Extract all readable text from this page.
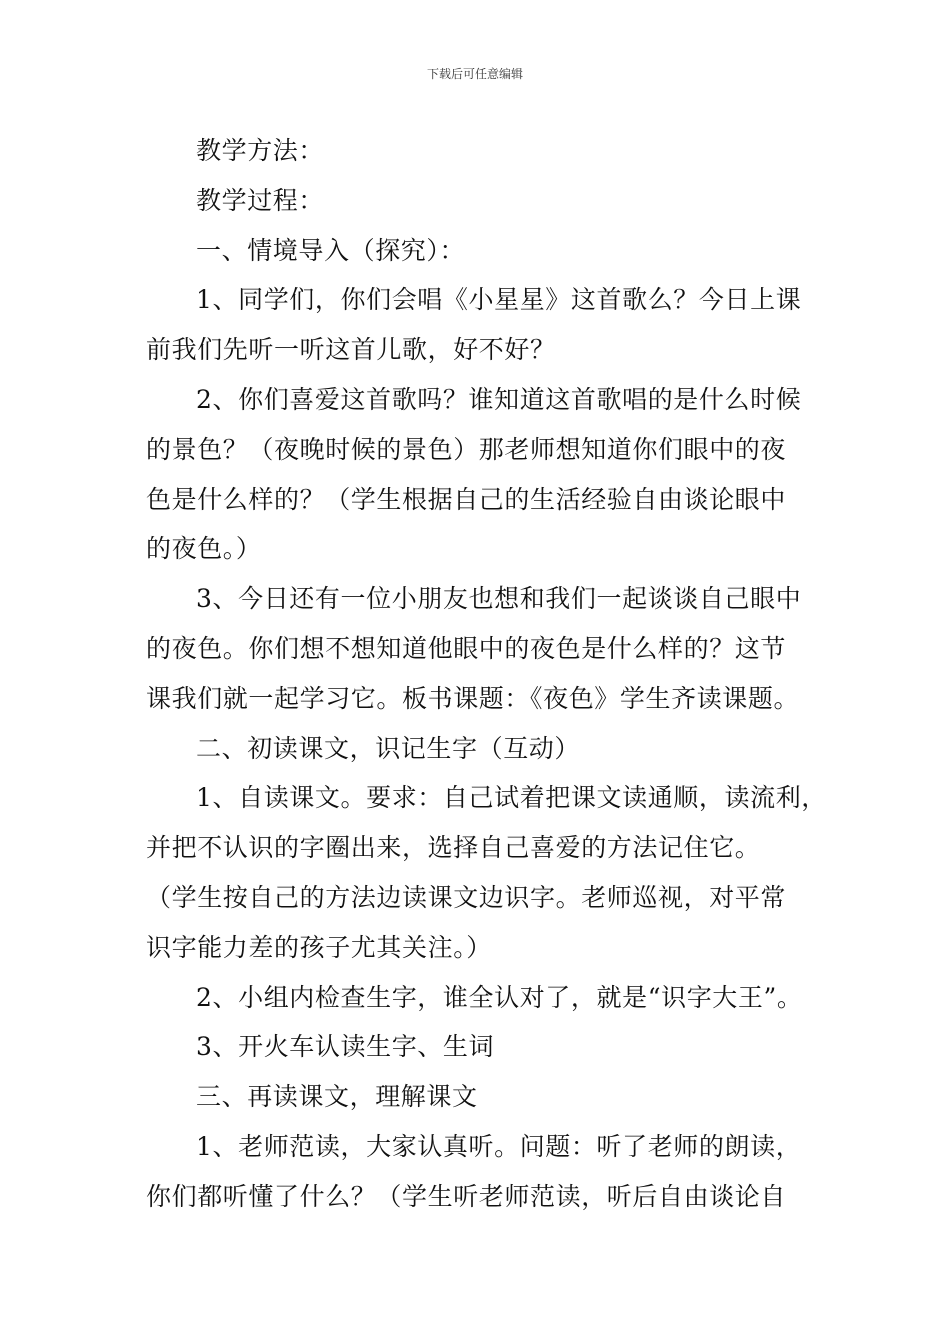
下载后可任意编辑
教学方法：
教学过程：
一、情境导入（探究）：
1、同学们，你们会唱《小星星》这首歌么？今日上课
前我们先听一听这首儿歌，好不好？
2、你们喜爱这首歌吗？谁知道这首歌唱的是什么时候
的景色？（夜晚时候的景色）那老师想知道你们眼中的夜
色是什么样的？（学生根据自己的生活经验自由谈论眼中
的夜色。）
3、今日还有一位小朋友也想和我们一起谈谈自己眼中
的夜色。你们想不想知道他眼中的夜色是什么样的？这节
课我们就一起学习它。板书课题：《夜色》学生齐读课题。
二、初读课文，识记生字（互动）
1、自读课文。要求：自己试着把课文读通顺，读流利，
并把不认识的字圈出来，选择自己喜爱的方法记住它。
（学生按自己的方法边读课文边识字。老师巡视，对平常
识字能力差的孩子尤其关注。）
2、小组内检查生字，谁全认对了，就是“识字大王”。
3、开火车认读生字、生词
三、再读课文，理解课文
1、老师范读，大家认真听。问题：听了老师的朗读，
你们都听懂了什么？（学生听老师范读，听后自由谈论自
